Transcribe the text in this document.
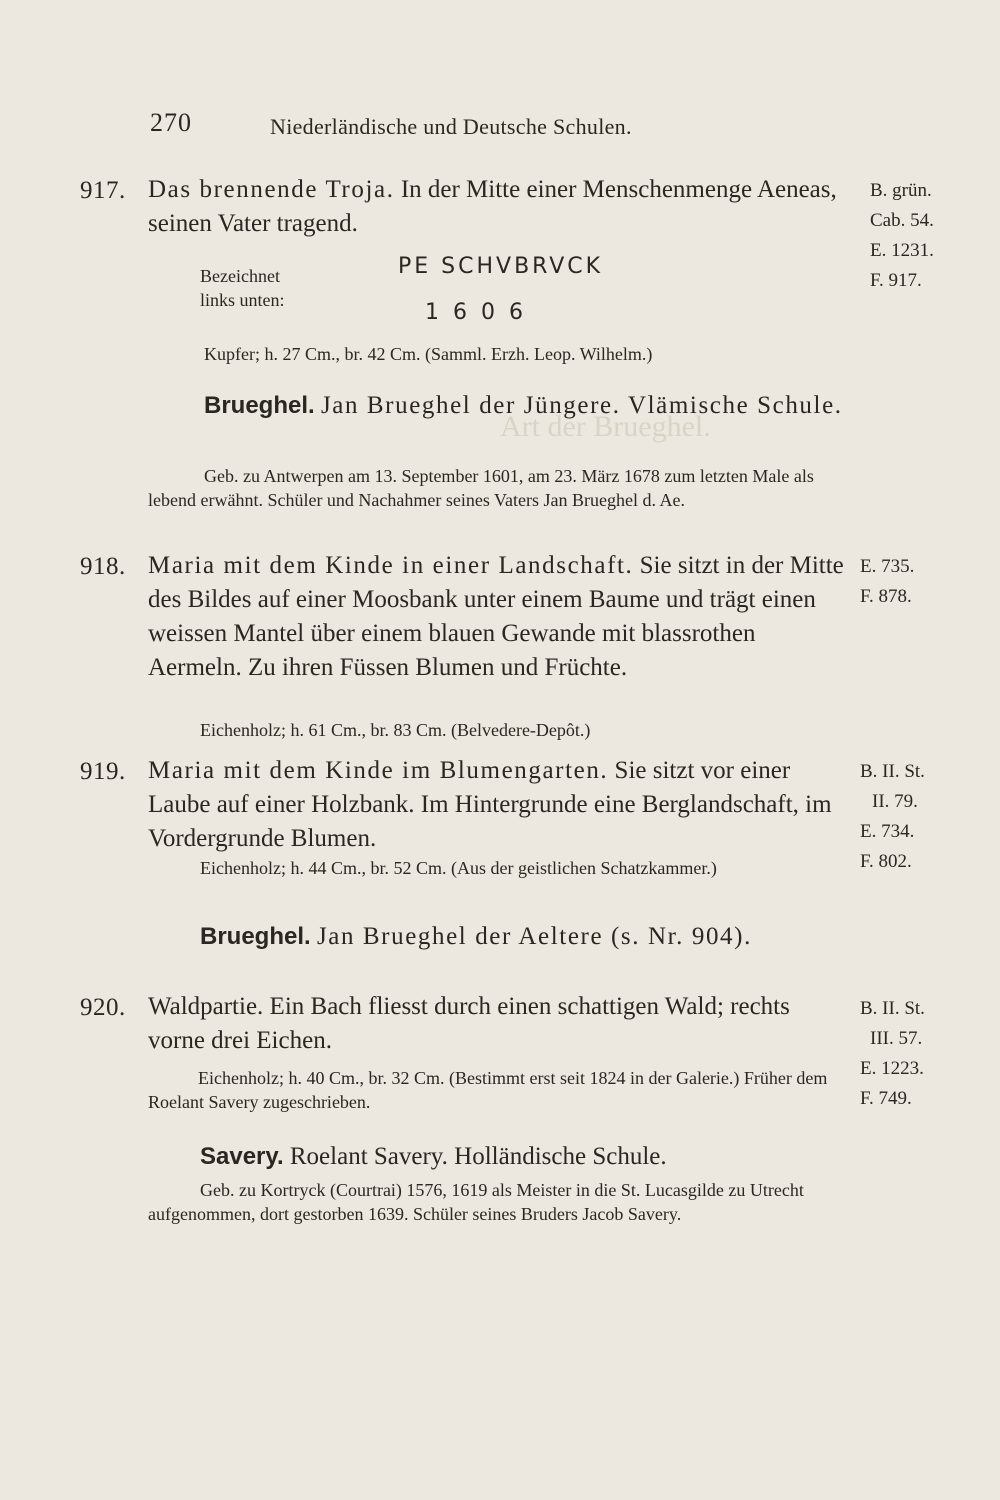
Art der Brueghel.
270	Niederländische und Deutsche Schulen.
917. Das brennende Troja. In der Mitte einer Menschenmenge Aeneas, seinen Vater tragend.
B. grün.
Cab. 54.
E. 1231.
F. 917.
Bezeichnet
links unten:
PE SCHVBRVCK
1606
Kupfer; h. 27 Cm., br. 42 Cm. (Samml. Erzh. Leop. Wilhelm.)
Brueghel. Jan Brueghel der Jüngere. Vlämische Schule.
Geb. zu Antwerpen am 13. September 1601, am 23. März 1678 zum letzten Male als lebend erwähnt. Schüler und Nachahmer seines Vaters Jan Brueghel d. Ae.
918. Maria mit dem Kinde in einer Landschaft. Sie sitzt in der Mitte des Bildes auf einer Moosbank unter einem Baume und trägt einen weissen Mantel über einem blauen Gewande mit blassrothen Aermeln. Zu ihren Füssen Blumen und Früchte.
E. 735.
F. 878.
Eichenholz; h. 61 Cm., br. 83 Cm. (Belvedere-Depôt.)
919. Maria mit dem Kinde im Blumengarten. Sie sitzt vor einer Laube auf einer Holzbank. Im Hintergrunde eine Berglandschaft, im Vordergrunde Blumen.
B. II. St.
II. 79.
E. 734.
F. 802.
Eichenholz; h. 44 Cm., br. 52 Cm. (Aus der geistlichen Schatzkammer.)
Brueghel. Jan Brueghel der Aeltere (s. Nr. 904).
920. Waldpartie. Ein Bach fliesst durch einen schattigen Wald; rechts vorne drei Eichen.
B. II. St.
III. 57.
E. 1223.
F. 749.
Eichenholz; h. 40 Cm., br. 32 Cm. (Bestimmt erst seit 1824 in der Galerie.) Früher dem Roelant Savery zugeschrieben.
Savery. Roelant Savery. Holländische Schule.
Geb. zu Kortryck (Courtrai) 1576, 1619 als Meister in die St. Lucasgilde zu Utrecht aufgenommen, dort gestorben 1639. Schüler seines Bruders Jacob Savery.
